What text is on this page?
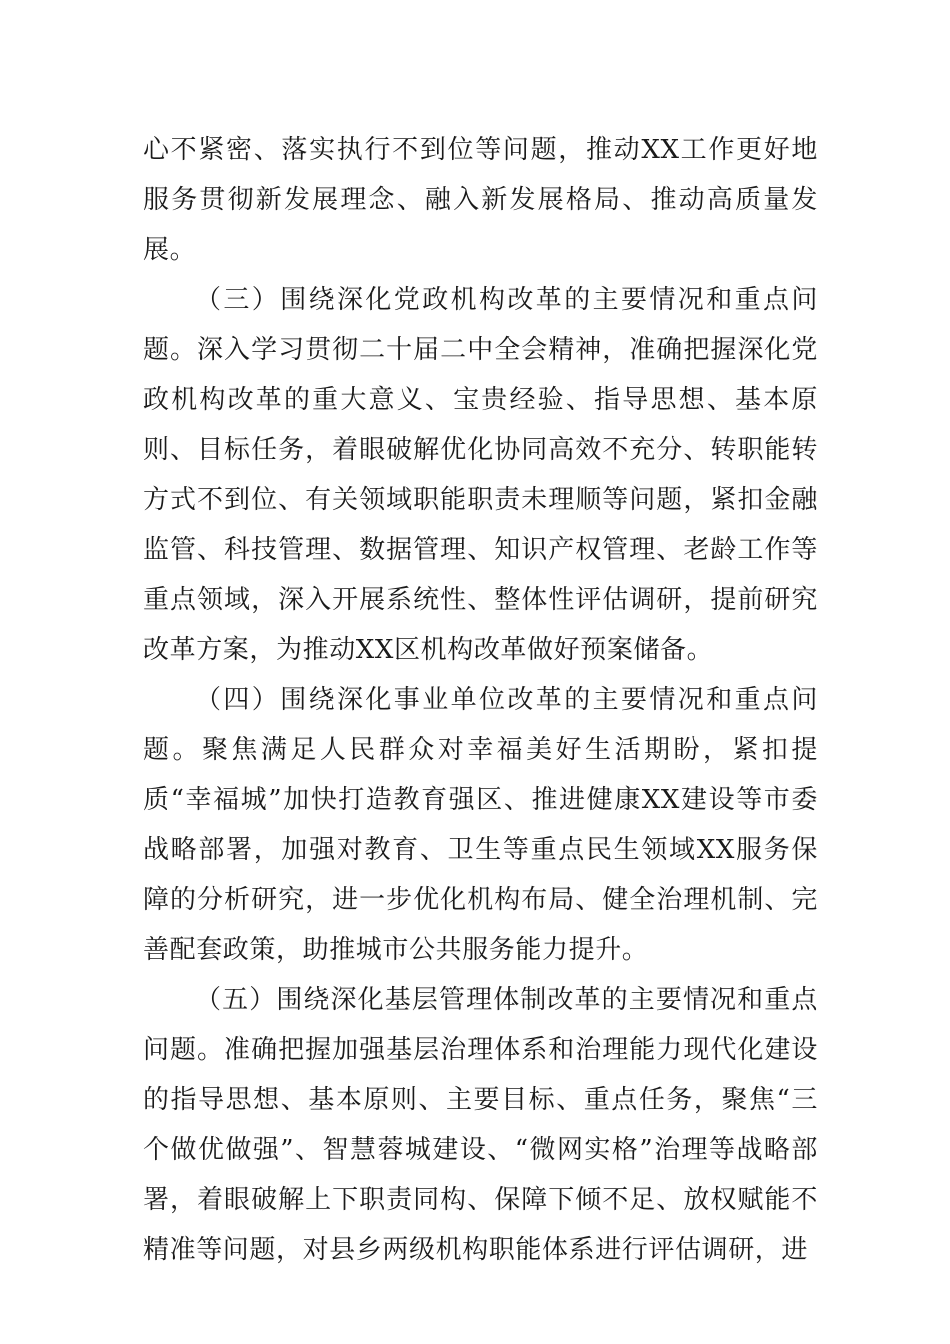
心不紧密、落实执行不到位等问题，推动XX工作更好地服务贯彻新发展理念、融入新发展格局、推动高质量发展。

（三）围绕深化党政机构改革的主要情况和重点问题。深入学习贯彻二十届二中全会精神，准确把握深化党政机构改革的重大意义、宝贵经验、指导思想、基本原则、目标任务，着眼破解优化协同高效不充分、转职能转方式不到位、有关领域职能职责未理顺等问题，紧扣金融监管、科技管理、数据管理、知识产权管理、老龄工作等重点领域，深入开展系统性、整体性评估调研，提前研究改革方案，为推动XX区机构改革做好预案储备。

（四）围绕深化事业单位改革的主要情况和重点问题。聚焦满足人民群众对幸福美好生活期盼，紧扣提质“幸福城”加快打造教育强区、推进健康XX建设等市委战略部署，加强对教育、卫生等重点民生领域XX服务保障的分析研究，进一步优化机构布局、健全治理机制、完善配套政策，助推城市公共服务能力提升。

（五）围绕深化基层管理体制改革的主要情况和重点问题。准确把握加强基层治理体系和治理能力现代化建设的指导思想、基本原则、主要目标、重点任务，聚焦“三个做优做强”、智慧蓉城建设、“微网实格”治理等战略部署，着眼破解上下职责同构、保障下倾不足、放权赋能不精准等问题，对县乡两级机构职能体系进行评估调研，进
